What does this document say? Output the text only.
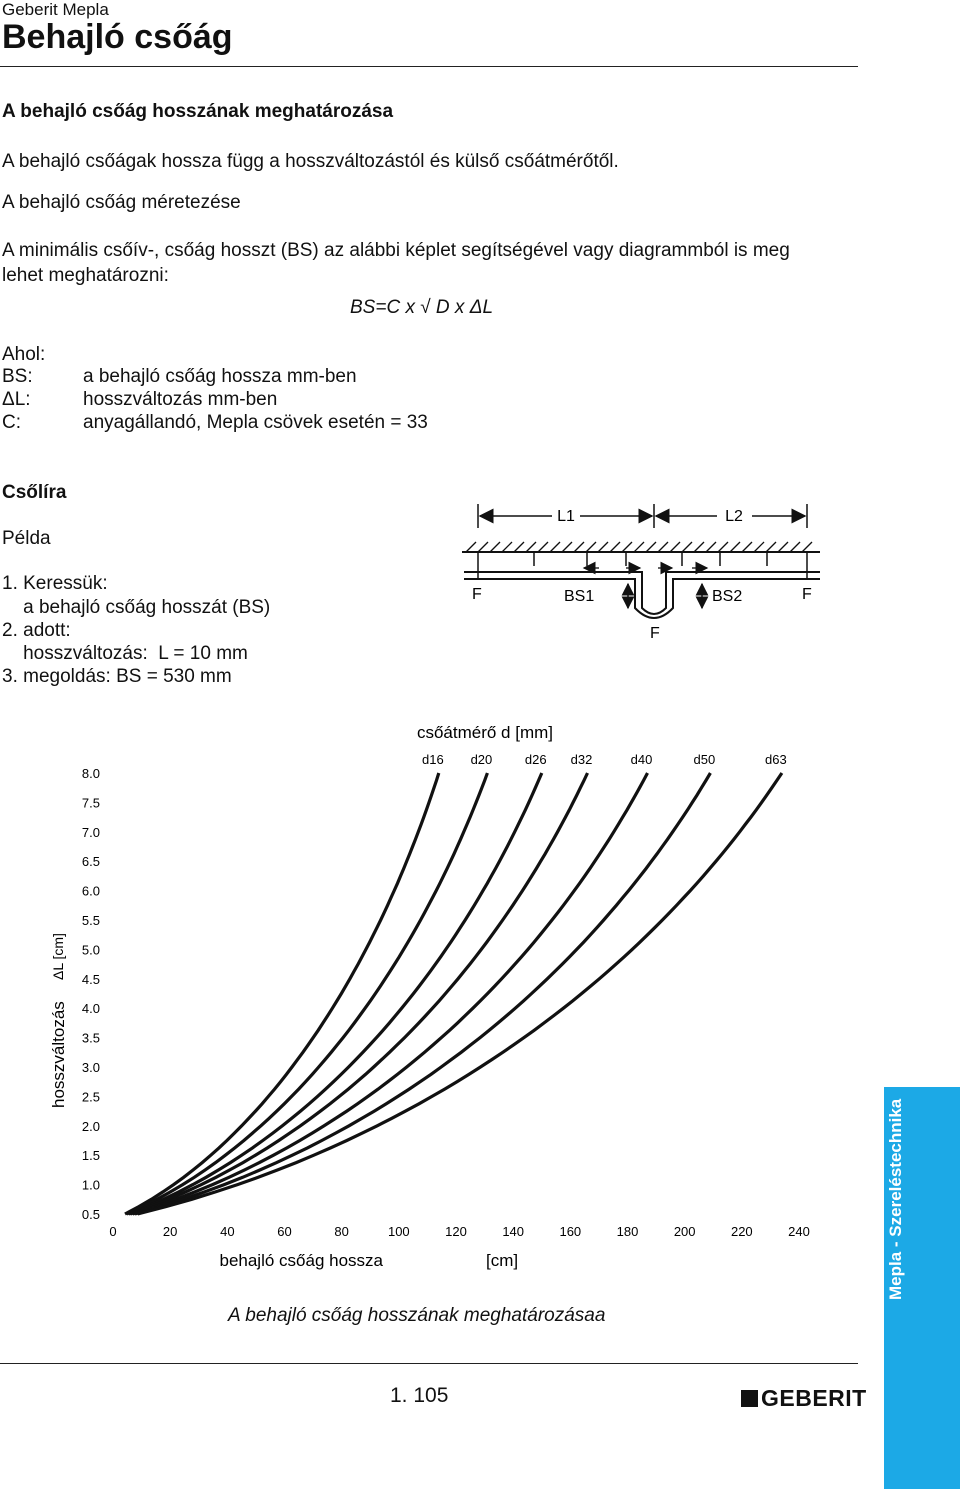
Geberit Mepla
Behajló csőág
A behajló csőág hosszának meghatározása
A behajló csőágak hossza függ a hosszváltozástól és külső csőátmérőtől.
A behajló csőág méretezése
A minimális csőív-, csőág hosszt (BS) az alábbi képlet segítségével vagy diagrammból is meg
lehet meghatározni:
BS=C x √ D x ΔL
Ahol:
BS:	a behajló csőág hossza mm-ben
ΔL:	hosszváltozás mm-ben
C:	anyagállandó, Mepla csövek esetén = 33
Csőlíra
Példa
1. Keressük:
a behajló csőág hosszát (BS)
2. adott:
hosszváltozás:  L = 10 mm
3. megoldás: BS = 530 mm
L1	L2
F	BS1	BS2	F
F
csőátmérő d [mm]
behajló csőág hossza	[cm]
hosszváltozás
ΔL [cm]
0	20	40	60	80	100	120	140	160	180	200	220	240
8.0
7.5
7.0
6.5
6.0
5.5
5.0
4.5
4.0
3.5
3.0
2.5
2.0
1.5
1.0
0.5
d16 d20	d26 d32	d40	d50	d63
A behajló csőág hosszának meghatározásaa
1. 105	GEBERIT
Mepla - Szereléstechnika
